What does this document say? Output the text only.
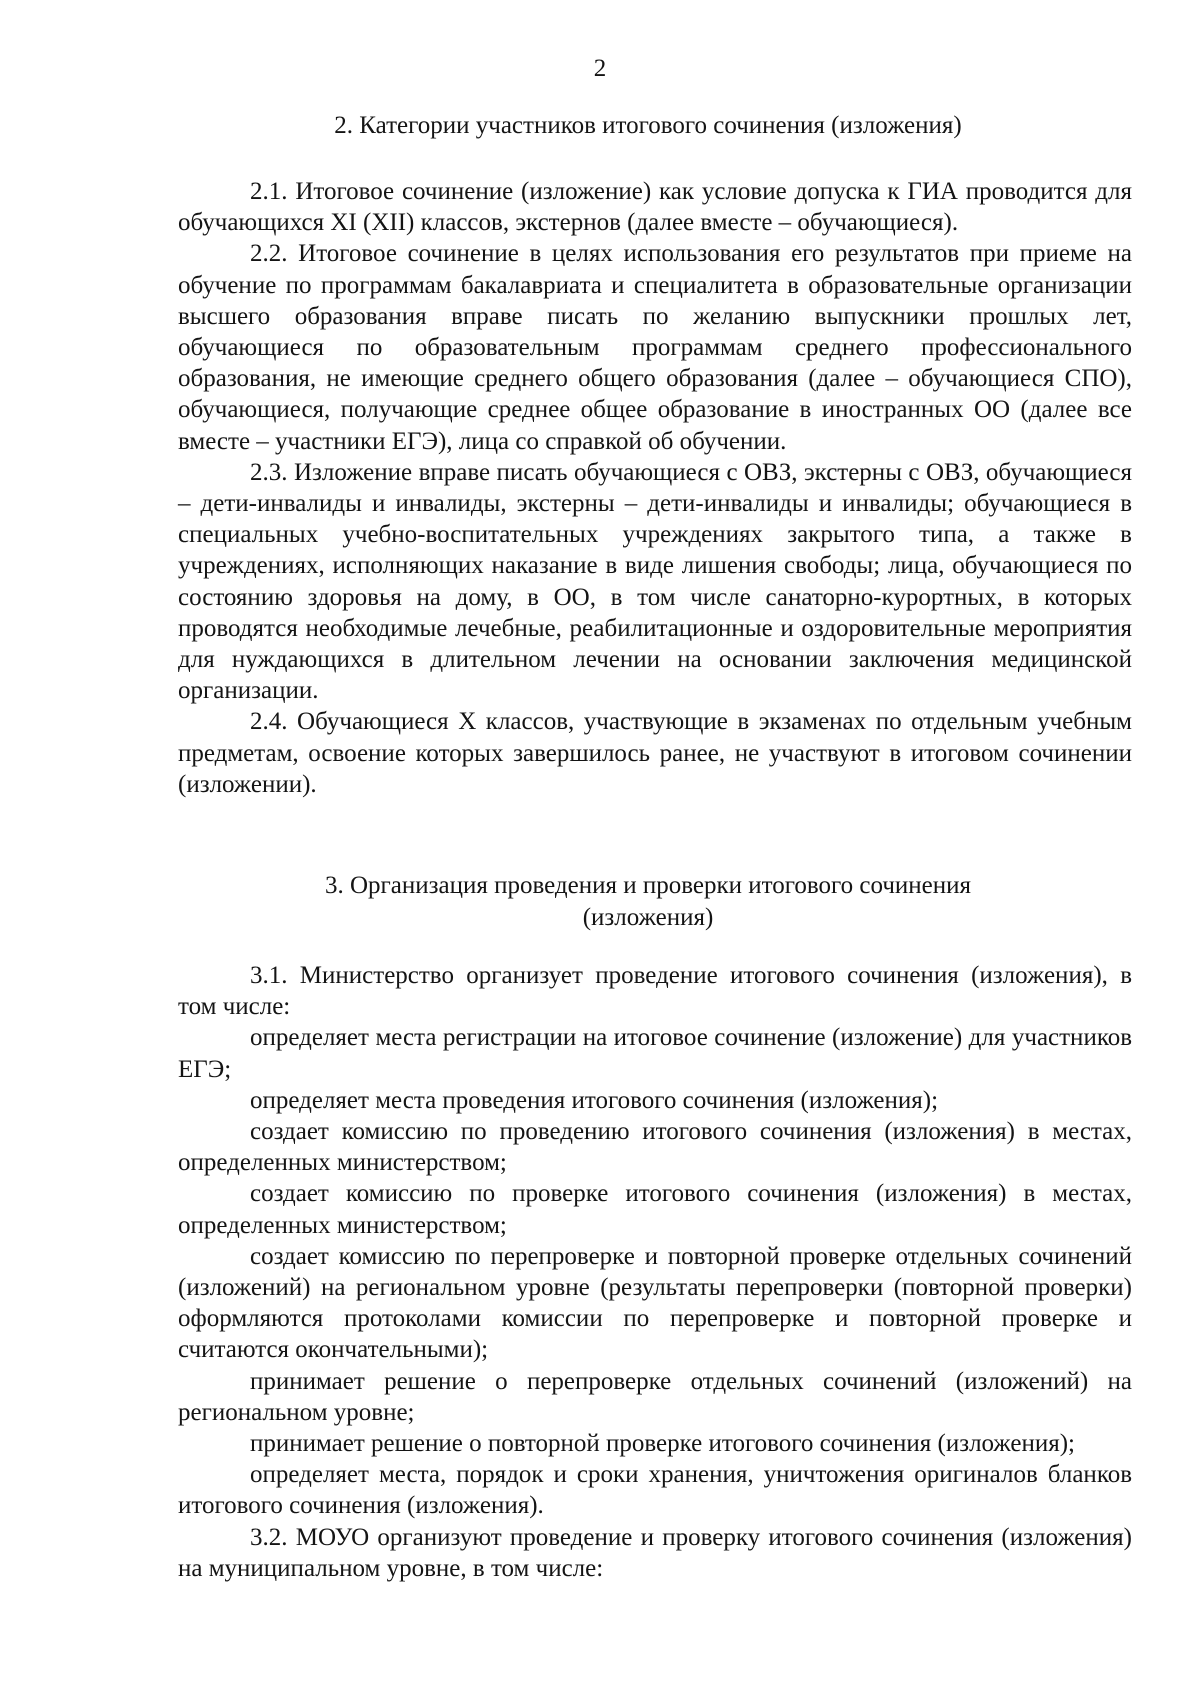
2
2. Категории участников итогового сочинения (изложения)

2.1. Итоговое сочинение (изложение) как условие допуска к ГИА проводится для обучающихся XI (XII) классов, экстернов (далее вместе – обучающиеся).

2.2. Итоговое сочинение в целях использования его результатов при приеме на обучение по программам бакалавриата и специалитета в образовательные организации высшего образования вправе писать по желанию выпускники прошлых лет, обучающиеся по образовательным программам среднего профессионального образования, не имеющие среднего общего образования (далее – обучающиеся СПО), обучающиеся, получающие среднее общее образование в иностранных ОО (далее все вместе – участники ЕГЭ), лица со справкой об обучении.

2.3. Изложение вправе писать обучающиеся с ОВЗ, экстерны с ОВЗ, обучающиеся – дети-инвалиды и инвалиды, экстерны – дети-инвалиды и инвалиды; обучающиеся в специальных учебно-воспитательных учреждениях закрытого типа, а также в учреждениях, исполняющих наказание в виде лишения свободы; лица, обучающиеся по состоянию здоровья на дому, в ОО, в том числе санаторно-курортных, в которых проводятся необходимые лечебные, реабилитационные и оздоровительные мероприятия для нуждающихся в длительном лечении на основании заключения медицинской организации.

2.4. Обучающиеся X классов, участвующие в экзаменах по отдельным учебным предметам, освоение которых завершилось ранее, не участвуют в итоговом сочинении (изложении).

3. Организация проведения и проверки итогового сочинения
(изложения)

3.1. Министерство организует проведение итогового сочинения (изложения), в том числе:

определяет места регистрации на итоговое сочинение (изложение) для участников ЕГЭ;

определяет места проведения итогового сочинения (изложения);

создает комиссию по проведению итогового сочинения (изложения) в местах, определенных министерством;

создает комиссию по проверке итогового сочинения (изложения) в местах, определенных министерством;

создает комиссию по перепроверке и повторной проверке отдельных сочинений (изложений) на региональном уровне (результаты перепроверки (повторной проверки) оформляются протоколами комиссии по перепроверке и повторной проверке и считаются окончательными);

принимает решение о перепроверке отдельных сочинений (изложений) на региональном уровне;

принимает решение о повторной проверке итогового сочинения (изложения);

определяет места, порядок и сроки хранения, уничтожения оригиналов бланков итогового сочинения (изложения).

3.2. МОУО организуют проведение и проверку итогового сочинения (изложения) на муниципальном уровне, в том числе:
